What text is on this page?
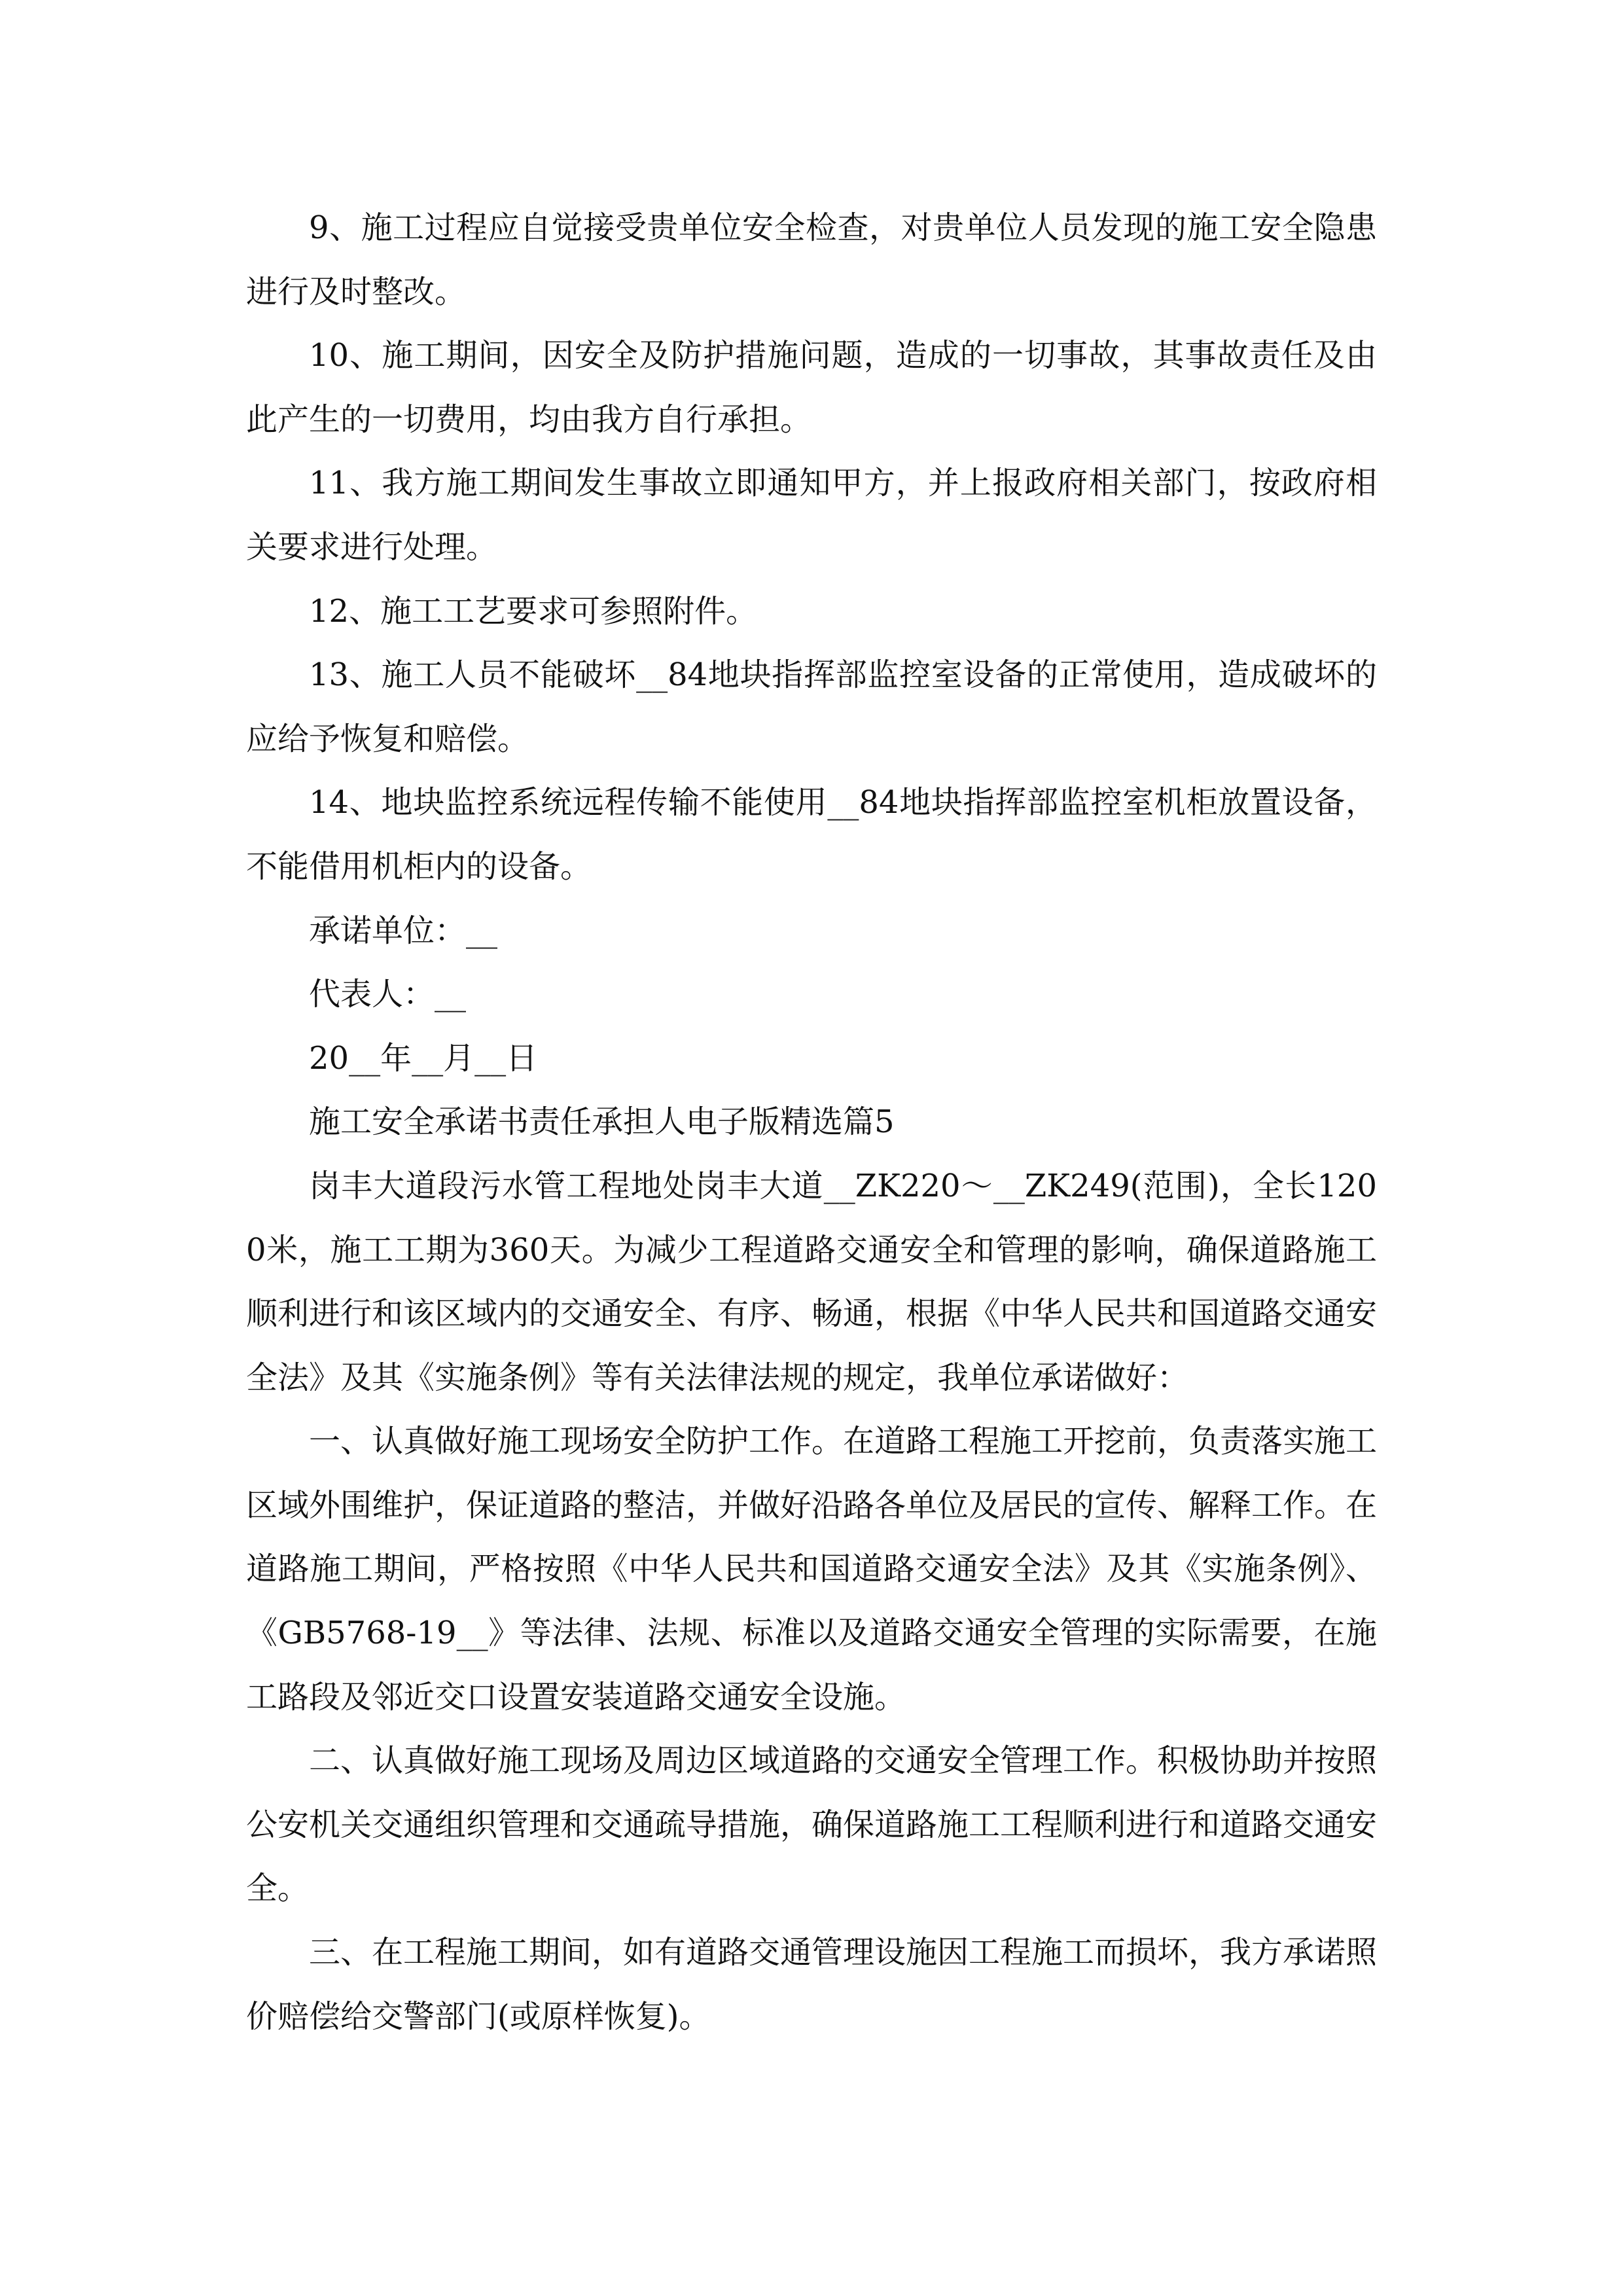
9、施工过程应自觉接受贵单位安全检查，对贵单位人员发现的施工安全隐患进行及时整改。

10、施工期间，因安全及防护措施问题，造成的一切事故，其事故责任及由此产生的一切费用，均由我方自行承担。

11、我方施工期间发生事故立即通知甲方，并上报政府相关部门，按政府相关要求进行处理。

12、施工工艺要求可参照附件。

13、施工人员不能破坏__84地块指挥部监控室设备的正常使用，造成破坏的应给予恢复和赔偿。

14、地块监控系统远程传输不能使用__84地块指挥部监控室机柜放置设备，不能借用机柜内的设备。

承诺单位：__

代表人：__

20__年__月__日

施工安全承诺书责任承担人电子版精选篇5

岗丰大道段污水管工程地处岗丰大道__ZK220～__ZK249(范围)，全长1200米，施工工期为360天。为减少工程道路交通安全和管理的影响，确保道路施工顺利进行和该区域内的交通安全、有序、畅通，根据《中华人民共和国道路交通安全法》及其《实施条例》等有关法律法规的规定，我单位承诺做好：

一、认真做好施工现场安全防护工作。在道路工程施工开挖前，负责落实施工区域外围维护，保证道路的整洁，并做好沿路各单位及居民的宣传、解释工作。在道路施工期间，严格按照《中华人民共和国道路交通安全法》及其《实施条例》、《GB5768-19__》等法律、法规、标准以及道路交通安全管理的实际需要，在施工路段及邻近交口设置安装道路交通安全设施。

二、认真做好施工现场及周边区域道路的交通安全管理工作。积极协助并按照公安机关交通组织管理和交通疏导措施，确保道路施工工程顺利进行和道路交通安全。

三、在工程施工期间，如有道路交通管理设施因工程施工而损坏，我方承诺照价赔偿给交警部门(或原样恢复)。
